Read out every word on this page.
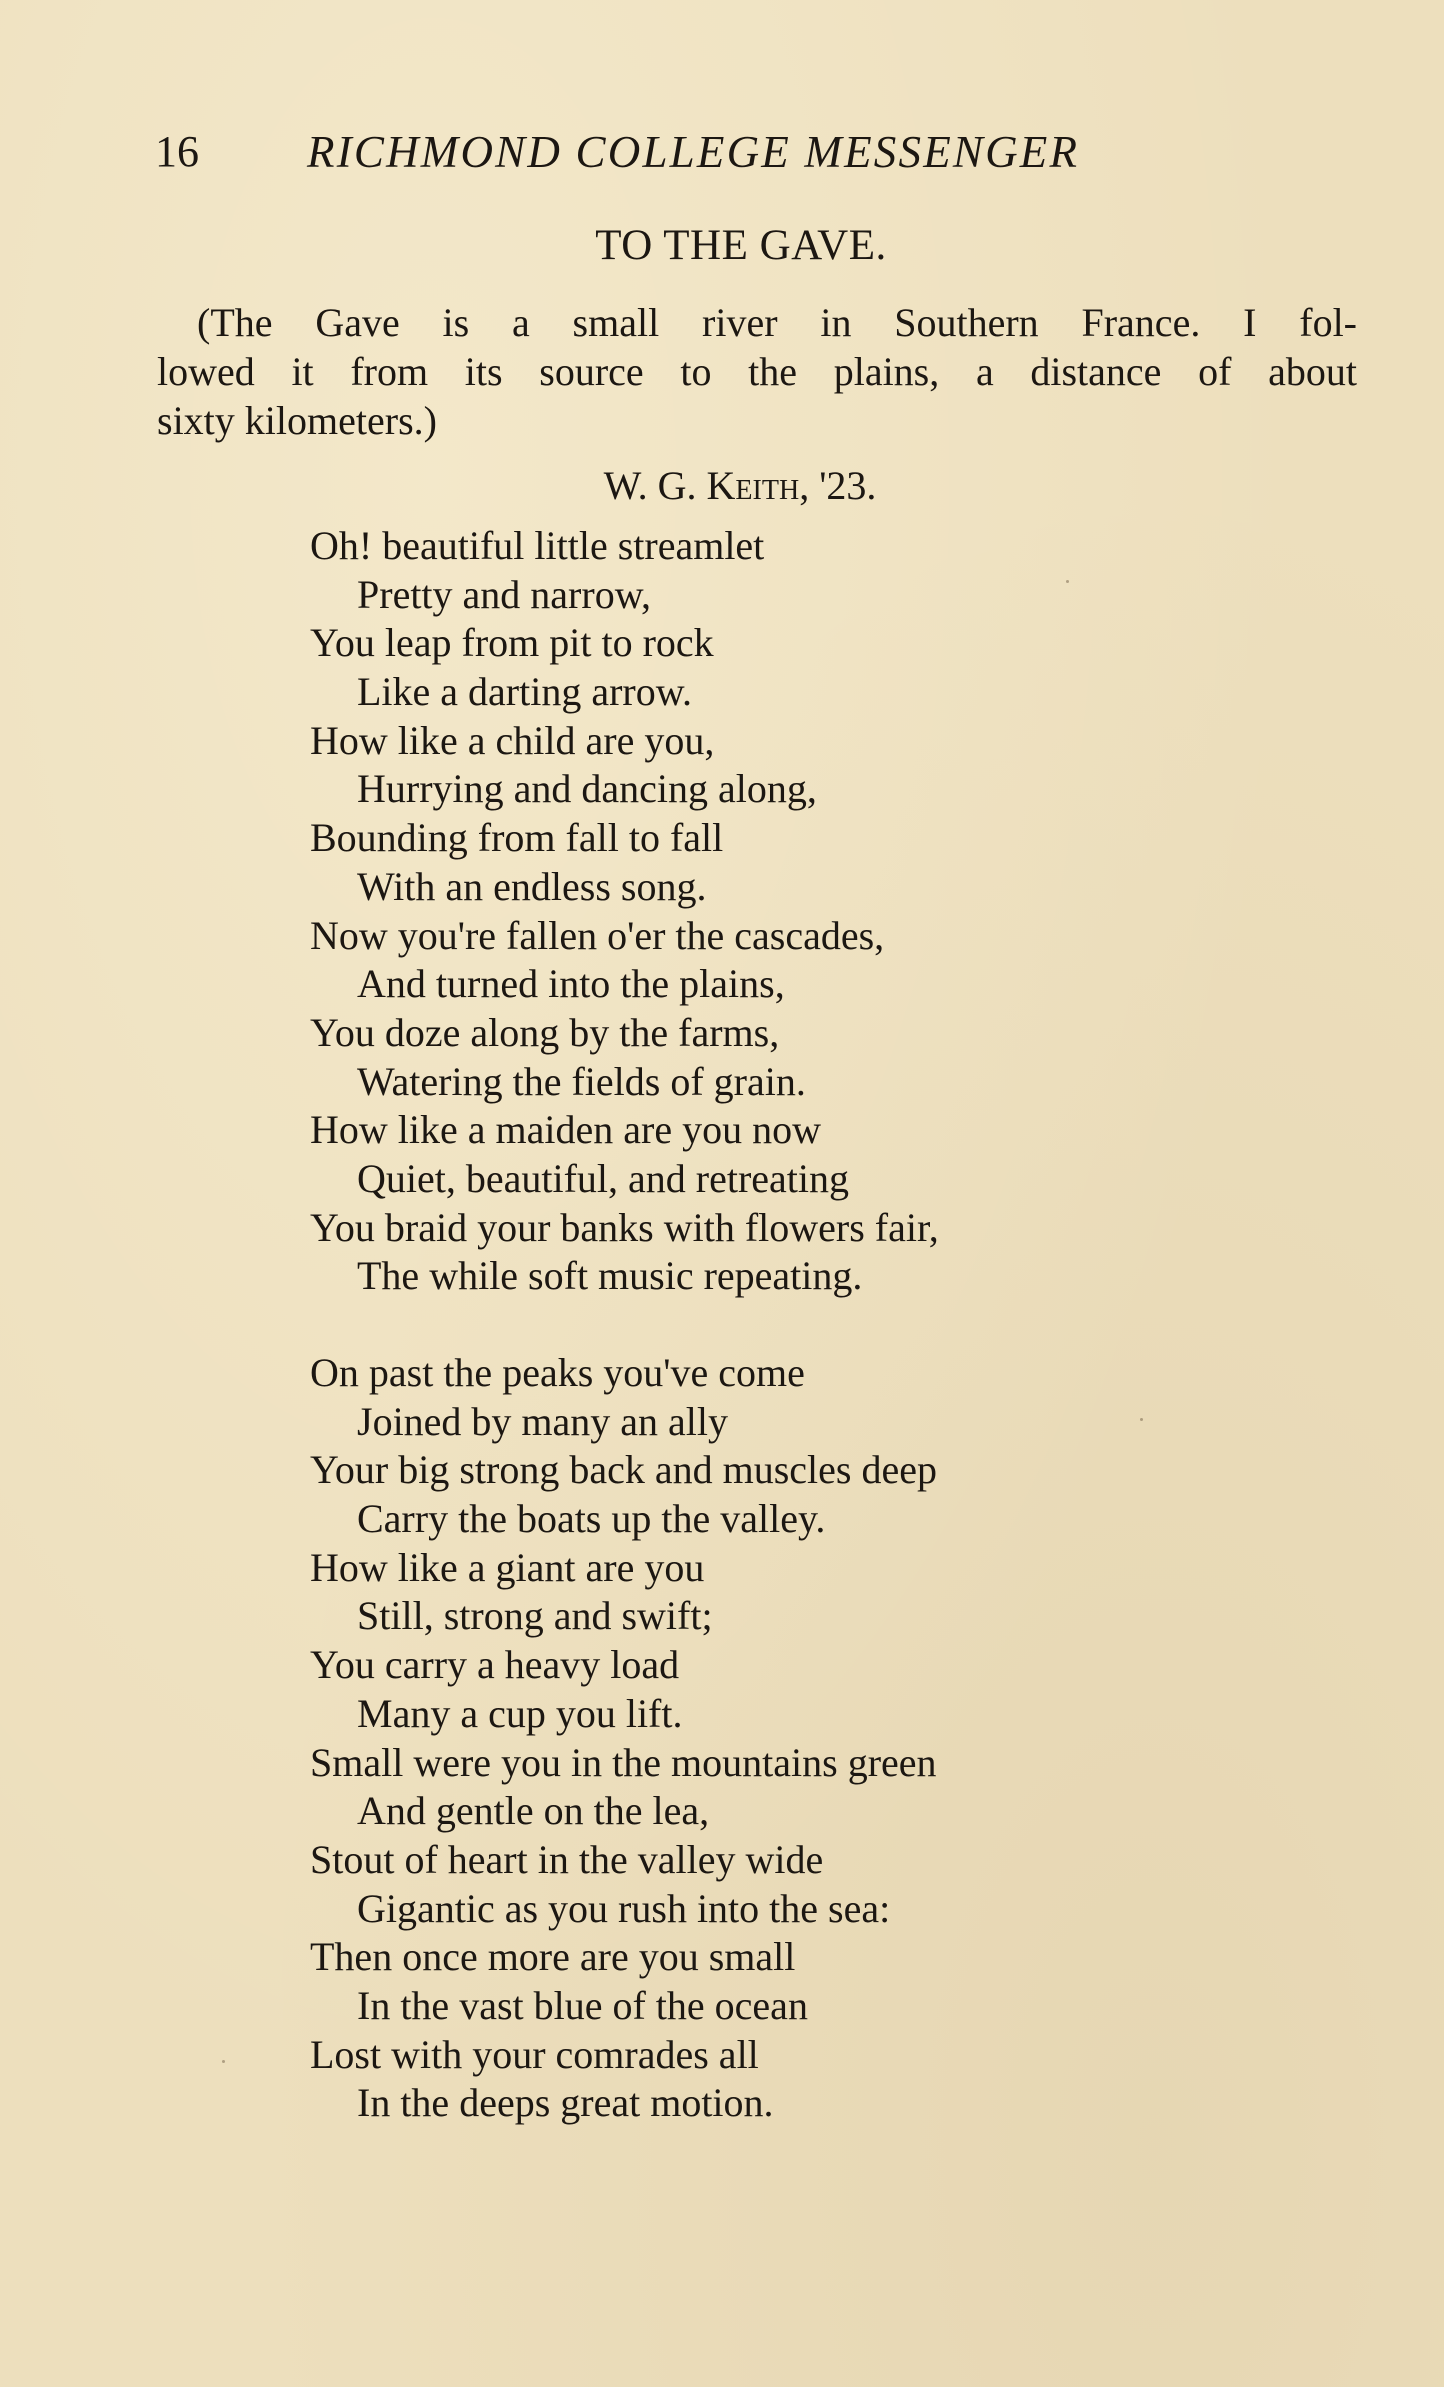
16 RICHMOND COLLEGE MESSENGER
TO THE GAVE.
(The Gave is a small river in Southern France. I fol-
lowed it from its source to the plains, a distance of about
sixty kilometers.)
W. G. Keith, '23.
Oh! beautiful little streamlet
Pretty and narrow,
You leap from pit to rock
Like a darting arrow.
How like a child are you,
Hurrying and dancing along,
Bounding from fall to fall
With an endless song.
Now you're fallen o'er the cascades,
And turned into the plains,
You doze along by the farms,
Watering the fields of grain.
How like a maiden are you now
Quiet, beautiful, and retreating
You braid your banks with flowers fair,
The while soft music repeating.
On past the peaks you've come
Joined by many an ally
Your big strong back and muscles deep
Carry the boats up the valley.
How like a giant are you
Still, strong and swift;
You carry a heavy load
Many a cup you lift.
Small were you in the mountains green
And gentle on the lea,
Stout of heart in the valley wide
Gigantic as you rush into the sea:
Then once more are you small
In the vast blue of the ocean
Lost with your comrades all
In the deeps great motion.
